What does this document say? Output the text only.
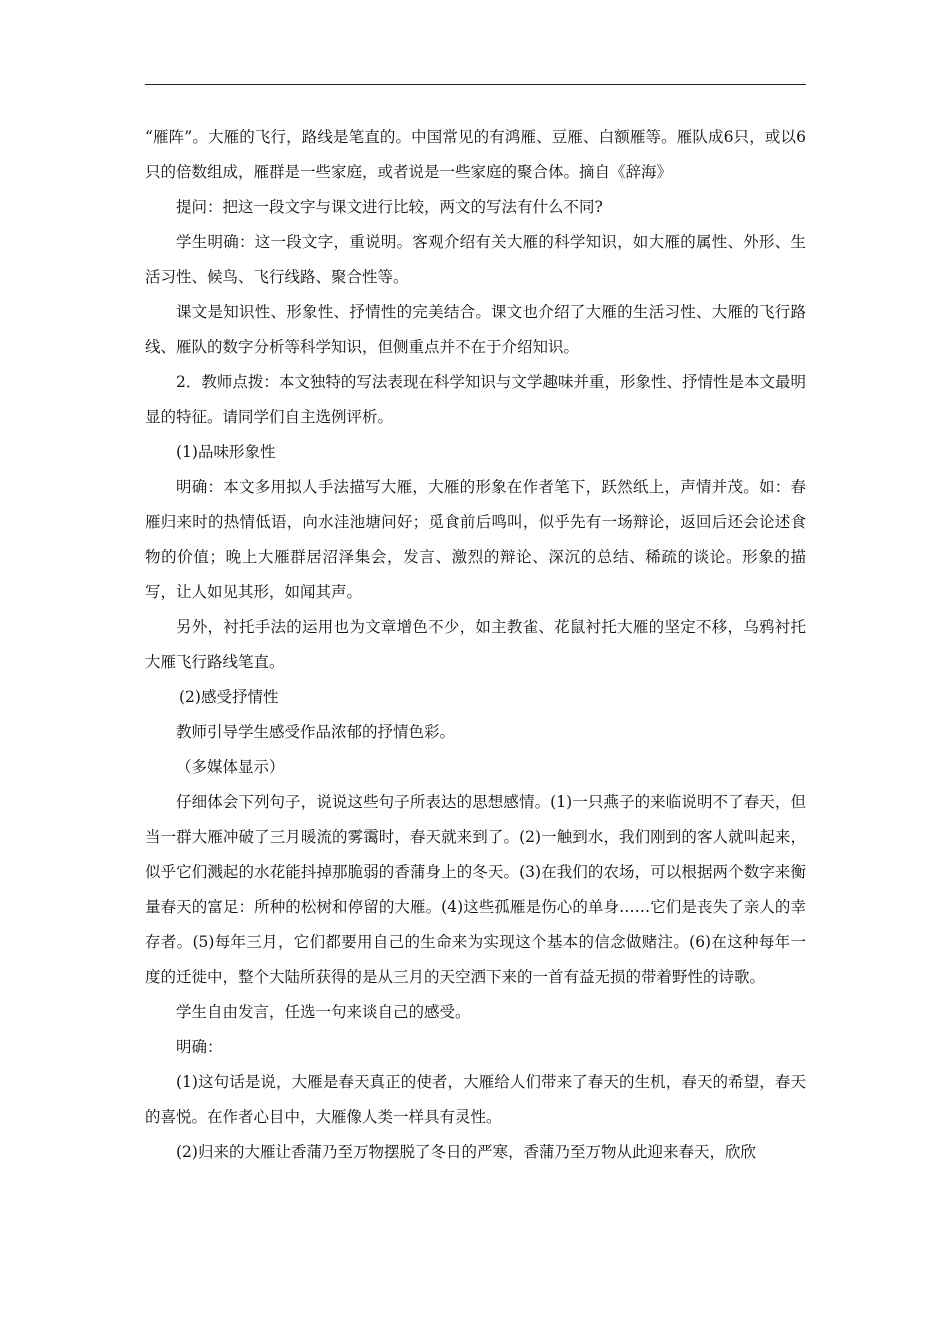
“雁阵”。大雁的飞行，路线是笔直的。中国常见的有鸿雁、豆雁、白额雁等。雁队成6只，或以6只的倍数组成，雁群是一些家庭，或者说是一些家庭的聚合体。摘自《辞海》

提问：把这一段文字与课文进行比较，两文的写法有什么不同?

学生明确：这一段文字，重说明。客观介绍有关大雁的科学知识，如大雁的属性、外形、生活习性、候鸟、飞行线路、聚合性等。

课文是知识性、形象性、抒情性的完美结合。课文也介绍了大雁的生活习性、大雁的飞行路线、雁队的数字分析等科学知识，但侧重点并不在于介绍知识。

2．教师点拨：本文独特的写法表现在科学知识与文学趣味并重，形象性、抒情性是本文最明显的特征。请同学们自主选例评析。

(1)品味形象性

明确：本文多用拟人手法描写大雁，大雁的形象在作者笔下，跃然纸上，声情并茂。如：春雁归来时的热情低语，向水洼池塘问好；觅食前后鸣叫，似乎先有一场辩论，返回后还会论述食物的价值；晚上大雁群居沼泽集会，发言、激烈的辩论、深沉的总结、稀疏的谈论。形象的描写，让人如见其形，如闻其声。

另外，衬托手法的运用也为文章增色不少，如主教雀、花鼠衬托大雁的坚定不移，乌鸦衬托大雁飞行路线笔直。

(2)感受抒情性

教师引导学生感受作品浓郁的抒情色彩。

（多媒体显示）

仔细体会下列句子，说说这些句子所表达的思想感情。(1)一只燕子的来临说明不了春天，但当一群大雁冲破了三月暖流的雾霭时，春天就来到了。(2)一触到水，我们刚到的客人就叫起来，似乎它们溅起的水花能抖掉那脆弱的香蒲身上的冬天。(3)在我们的农场，可以根据两个数字来衡量春天的富足：所种的松树和停留的大雁。(4)这些孤雁是伤心的单身……它们是丧失了亲人的幸存者。(5)每年三月，它们都要用自己的生命来为实现这个基本的信念做赌注。(6)在这种每年一度的迁徙中，整个大陆所获得的是从三月的天空洒下来的一首有益无损的带着野性的诗歌。

学生自由发言，任选一句来谈自己的感受。

明确：

(1)这句话是说，大雁是春天真正的使者，大雁给人们带来了春天的生机，春天的希望，春天的喜悦。在作者心目中，大雁像人类一样具有灵性。

(2)归来的大雁让香蒲乃至万物摆脱了冬日的严寒，香蒲乃至万物从此迎来春天，欣欣
